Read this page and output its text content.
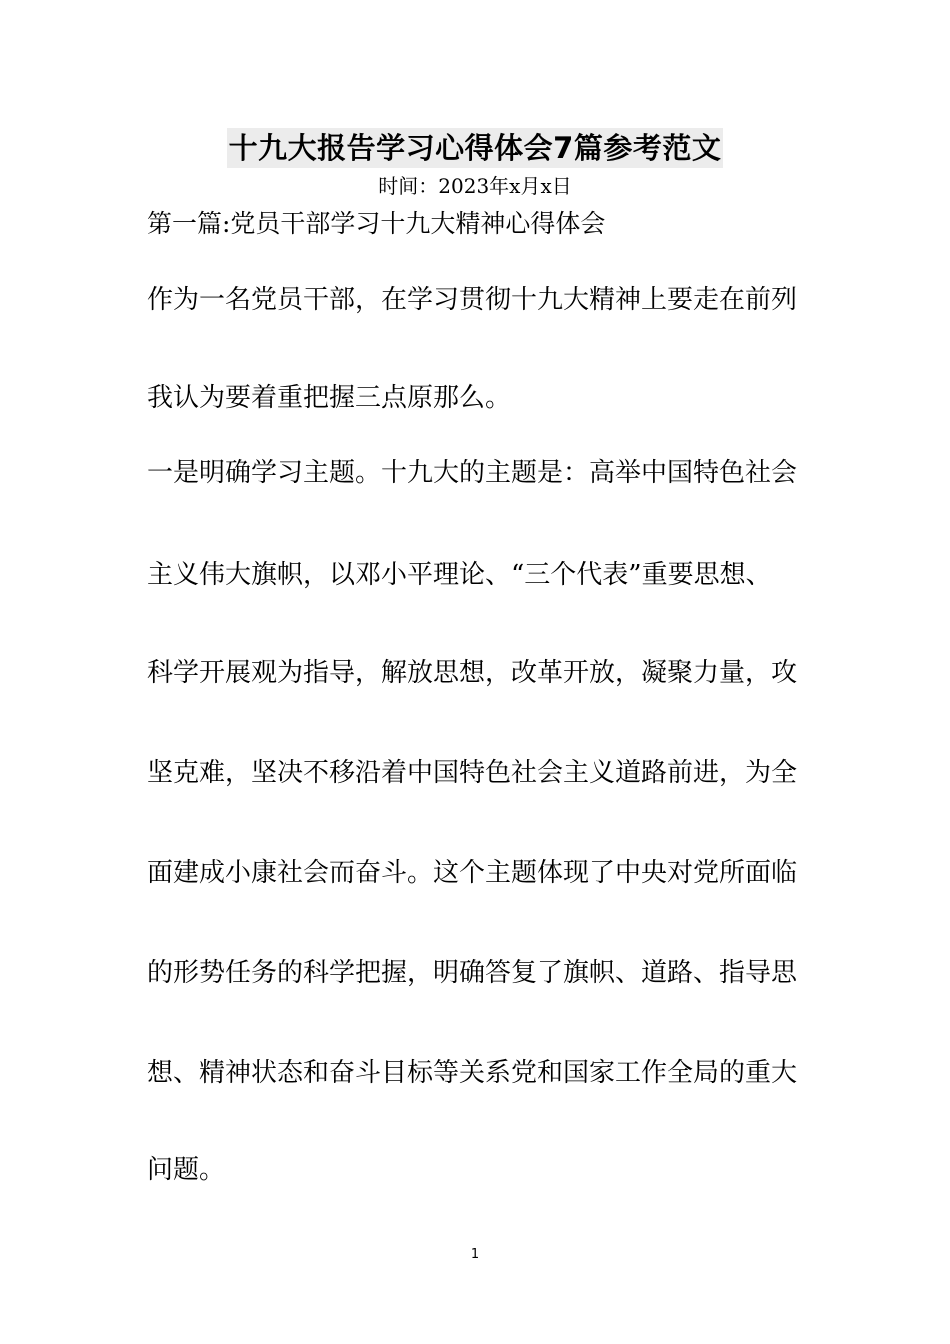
十九大报告学习心得体会7篇参考范文
时间：2023年x月x日
第一篇:党员干部学习十九大精神心得体会
作为一名党员干部，在学习贯彻十九大精神上要走在前列
我认为要着重把握三点原那么。
一是明确学习主题。十九大的主题是：高举中国特色社会
主义伟大旗帜，以邓小平理论、“三个代表”重要思想、
科学开展观为指导，解放思想，改革开放，凝聚力量，攻
坚克难，坚决不移沿着中国特色社会主义道路前进，为全
面建成小康社会而奋斗。这个主题体现了中央对党所面临
的形势任务的科学把握，明确答复了旗帜、道路、指导思
想、精神状态和奋斗目标等关系党和国家工作全局的重大
问题。
1
